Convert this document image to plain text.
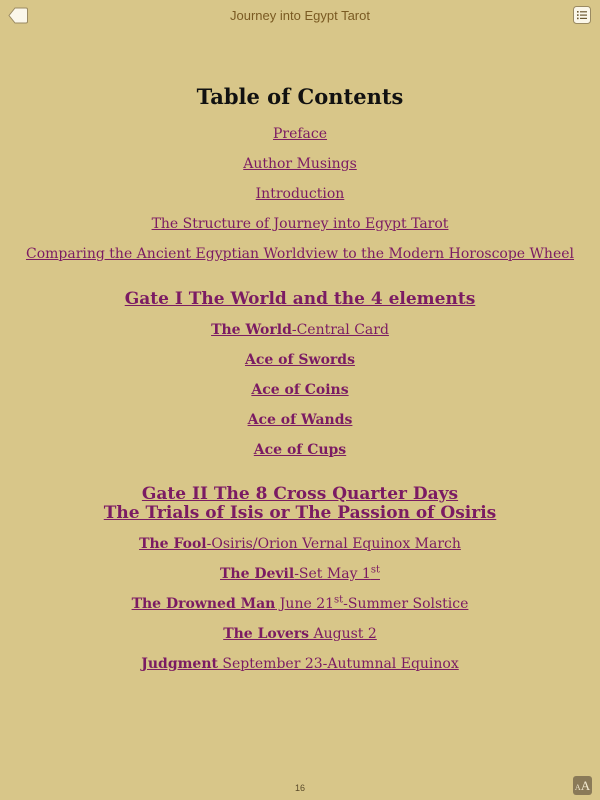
Journey into Egypt Tarot
Table of Contents
Preface
Author Musings
Introduction
The Structure of Journey into Egypt Tarot
Comparing the Ancient Egyptian Worldview to the Modern Horoscope Wheel
Gate I The World and the 4 elements
The World-Central Card
Ace of Swords
Ace of Coins
Ace of Wands
Ace of Cups
Gate II The 8 Cross Quarter Days
The Trials of Isis or The Passion of Osiris
The Fool-Osiris/Orion Vernal Equinox March
The Devil-Set May 1st
The Drowned Man June 21st-Summer Solstice
The Lovers August 2
Judgment September 23-Autumnal Equinox
16	AA
